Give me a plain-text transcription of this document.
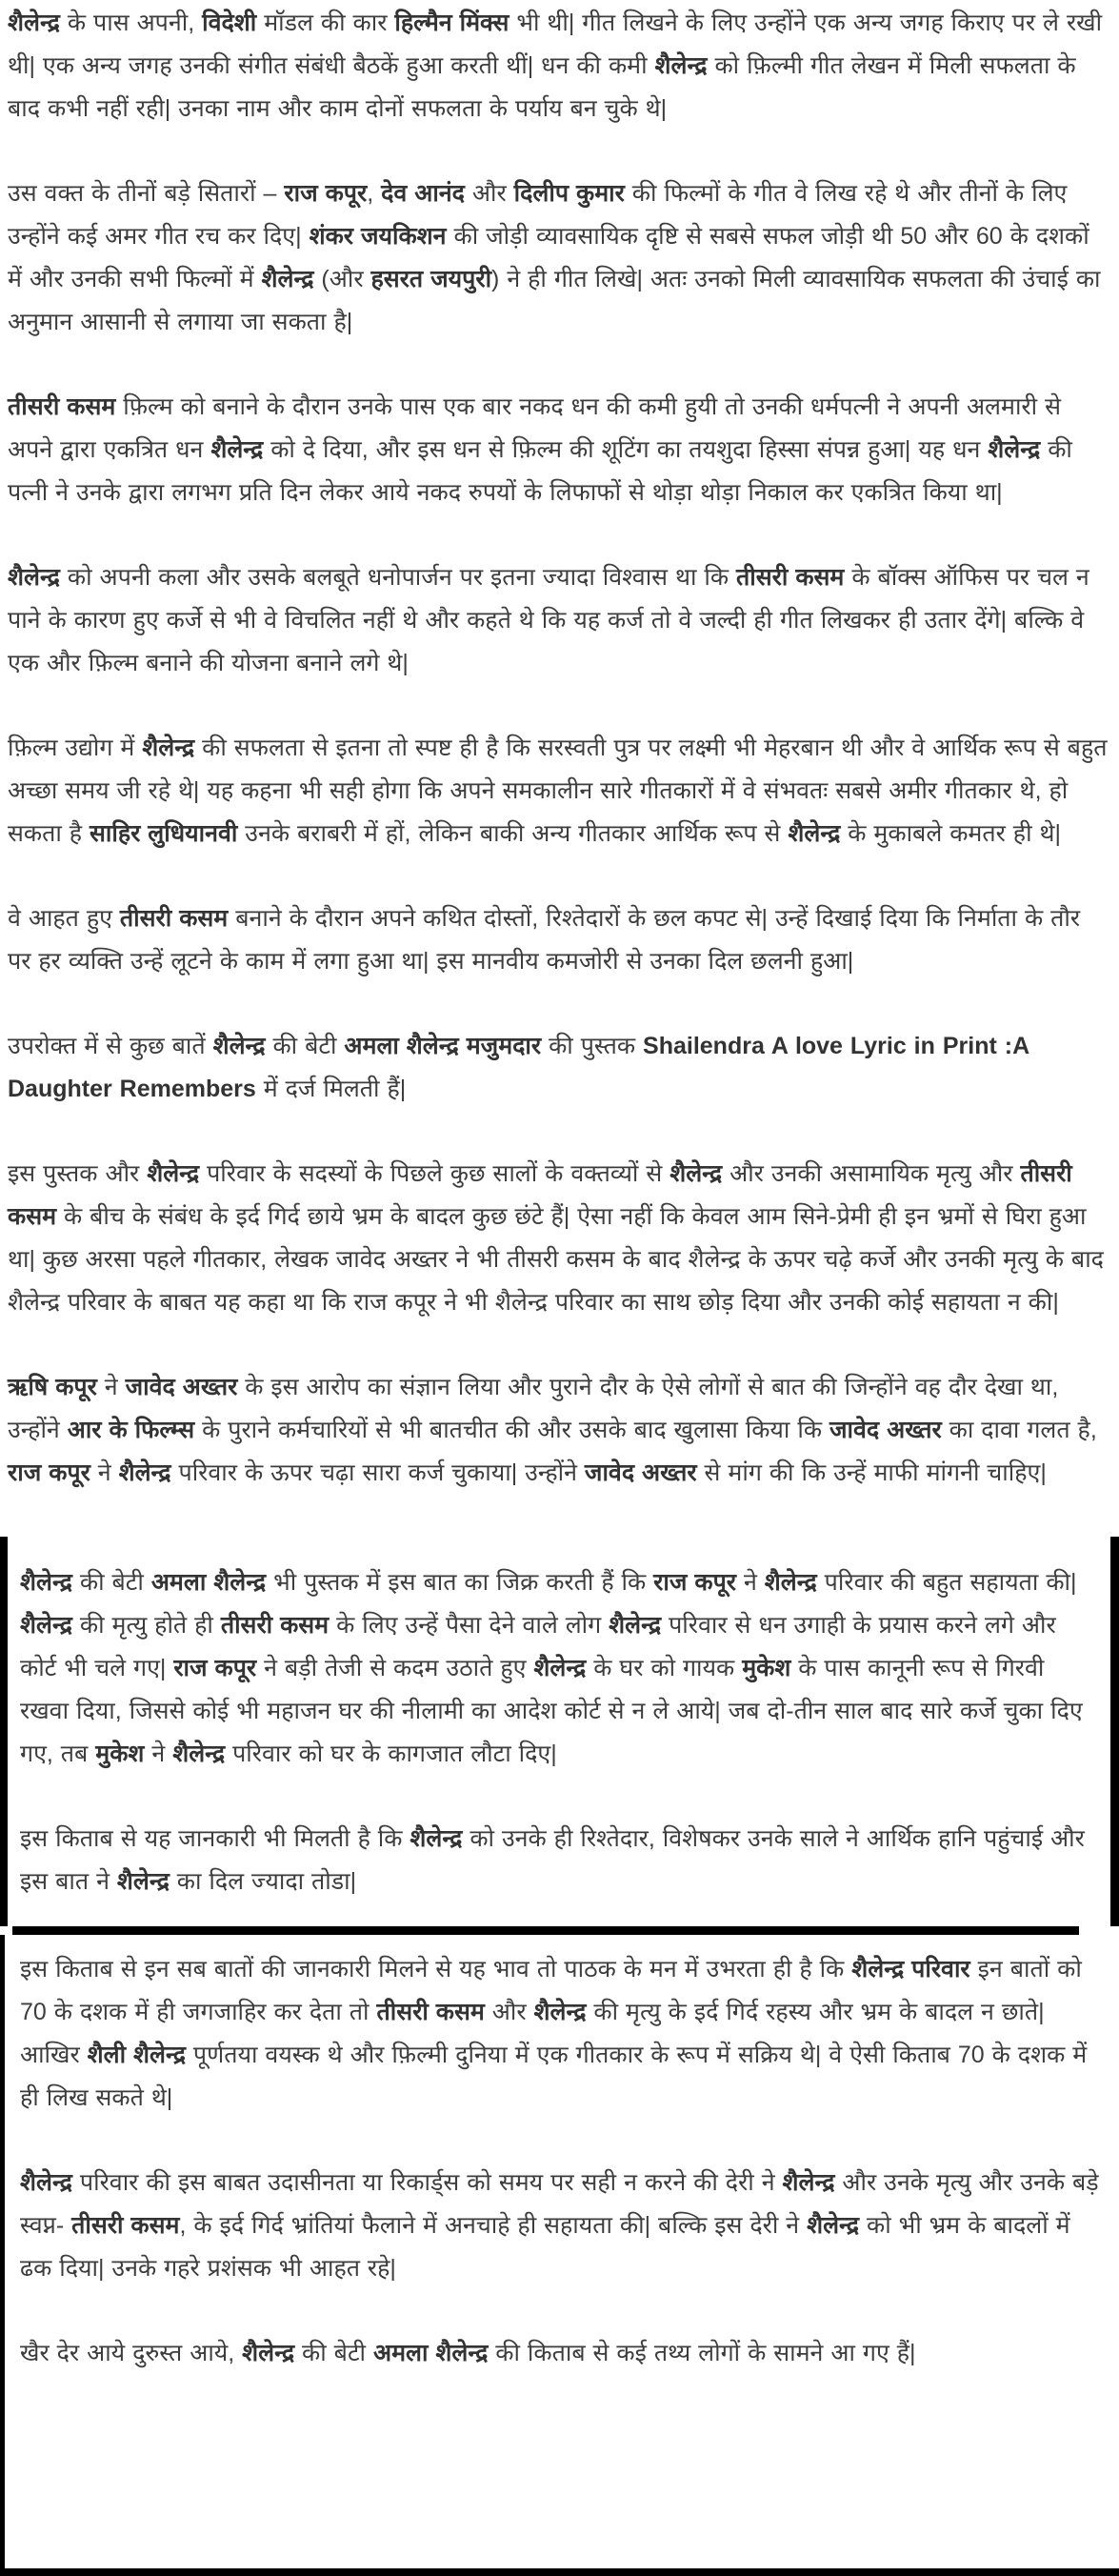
शैलेन्द्र के पास अपनी, विदेशी मॉडल की कार हिल्मैन मिंक्स भी थी| गीत लिखने के लिए उन्होंने एक अन्य जगह किराए पर ले रखी थी| एक अन्य जगह उनकी संगीत संबंधी बैठकें हुआ करती थीं| धन की कमी शैलेन्द्र को फ़िल्मी गीत लेखन में मिली सफलता के बाद कभी नहीं रही| उनका नाम और काम दोनों सफलता के पर्याय बन चुके थे|

उस वक्त के तीनों बड़े सितारों – राज कपूर, देव आनंद और दिलीप कुमार की फिल्मों के गीत वे लिख रहे थे और तीनों के लिए उन्होंने कई अमर गीत रच कर दिए| शंकर जयकिशन की जोड़ी व्यावसायिक दृष्टि से सबसे सफल जोड़ी थी 50 और 60 के दशकों में और उनकी सभी फिल्मों में शैलेन्द्र (और हसरत जयपुरी) ने ही गीत लिखे| अतः उनको मिली व्यावसायिक सफलता की उंचाई का अनुमान आसानी से लगाया जा सकता है|

तीसरी कसम फ़िल्म को बनाने के दौरान उनके पास एक बार नकद धन की कमी हुयी तो उनकी धर्मपत्नी ने अपनी अलमारी से अपने द्वारा एकत्रित धन शैलेन्द्र को दे दिया, और इस धन से फ़िल्म की शूटिंग का तयशुदा हिस्सा संपन्न हुआ| यह धन शैलेन्द्र की पत्नी ने उनके द्वारा लगभग प्रति दिन लेकर आये नकद रुपयों के लिफाफों से थोड़ा थोड़ा निकाल कर एकत्रित किया था|

शैलेन्द्र को अपनी कला और उसके बलबूते धनोपार्जन पर इतना ज्यादा विश्वास था कि तीसरी कसम के बॉक्स ऑफिस पर चल न पाने के कारण हुए कर्जे से भी वे विचलित नहीं थे और कहते थे कि यह कर्ज तो वे जल्दी ही गीत लिखकर ही उतार देंगे| बल्कि वे एक और फ़िल्म बनाने की योजना बनाने लगे थे|

फ़िल्म उद्योग में शैलेन्द्र की सफलता से इतना तो स्पष्ट ही है कि सरस्वती पुत्र पर लक्ष्मी भी मेहरबान थी और वे आर्थिक रूप से बहुत अच्छा समय जी रहे थे| यह कहना भी सही होगा कि अपने समकालीन सारे गीतकारों में वे संभवतः सबसे अमीर गीतकार थे, हो सकता है साहिर लुधियानवी उनके बराबरी में हों, लेकिन बाकी अन्य गीतकार आर्थिक रूप से शैलेन्द्र के मुकाबले कमतर ही थे|

वे आहत हुए तीसरी कसम बनाने के दौरान अपने कथित दोस्तों, रिश्तेदारों के छल कपट से| उन्हें दिखाई दिया कि निर्माता के तौर पर हर व्यक्ति उन्हें लूटने के काम में लगा हुआ था| इस मानवीय कमजोरी से उनका दिल छलनी हुआ|

उपरोक्त में से कुछ बातें शैलेन्द्र की बेटी अमला शैलेन्द्र मजुमदार की पुस्तक Shailendra A love Lyric in Print :A Daughter Remembers में दर्ज मिलती हैं|

इस पुस्तक और शैलेन्द्र परिवार के सदस्यों के पिछले कुछ सालों के वक्तव्यों से शैलेन्द्र और उनकी असामायिक मृत्यु और तीसरी कसम के बीच के संबंध के इर्द गिर्द छाये भ्रम के बादल कुछ छंटे हैं| ऐसा नहीं कि केवल आम सिने-प्रेमी ही इन भ्रमों से घिरा हुआ था| कुछ अरसा पहले गीतकार, लेखक जावेद अख्तर ने भी तीसरी कसम के बाद शैलेन्द्र के ऊपर चढ़े कर्जे और उनकी मृत्यु के बाद शैलेन्द्र परिवार के बाबत यह कहा था कि राज कपूर ने भी शैलेन्द्र परिवार का साथ छोड़ दिया और उनकी कोई सहायता न की|

ऋषि कपूर ने जावेद अख्तर के इस आरोप का संज्ञान लिया और पुराने दौर के ऐसे लोगों से बात की जिन्होंने वह दौर देखा था, उन्होंने आर के फिल्म्स के पुराने कर्मचारियों से भी बातचीत की और उसके बाद खुलासा किया कि जावेद अख्तर का दावा गलत है, राज कपूर ने शैलेन्द्र परिवार के ऊपर चढ़ा सारा कर्ज चुकाया| उन्होंने जावेद अख्तर से मांग की कि उन्हें माफी मांगनी चाहिए|

शैलेन्द्र की बेटी अमला शैलेन्द्र भी पुस्तक में इस बात का जिक्र करती हैं कि राज कपूर ने शैलेन्द्र परिवार की बहुत सहायता की| शैलेन्द्र की मृत्यु होते ही तीसरी कसम के लिए उन्हें पैसा देने वाले लोग शैलेन्द्र परिवार से धन उगाही के प्रयास करने लगे और कोर्ट भी चले गए| राज कपूर ने बड़ी तेजी से कदम उठाते हुए शैलेन्द्र के घर को गायक मुकेश के पास कानूनी रूप से गिरवी रखवा दिया, जिससे कोई भी महाजन घर की नीलामी का आदेश कोर्ट से न ले आये| जब दो-तीन साल बाद सारे कर्जे चुका दिए गए, तब मुकेश ने शैलेन्द्र परिवार को घर के कागजात लौटा दिए|

इस किताब से यह जानकारी भी मिलती है कि शैलेन्द्र को उनके ही रिश्तेदार, विशेषकर उनके साले ने आर्थिक हानि पहुंचाई और इस बात ने शैलेन्द्र का दिल ज्यादा तोडा|

इस किताब से इन सब बातों की जानकारी मिलने से यह भाव तो पाठक के मन में उभरता ही है कि शैलेन्द्र परिवार इन बातों को 70 के दशक में ही जगजाहिर कर देता तो तीसरी कसम और शैलेन्द्र की मृत्यु के इर्द गिर्द रहस्य और भ्रम के बादल न छाते| आखिर शैली शैलेन्द्र पूर्णतया वयस्क थे और फ़िल्मी दुनिया में एक गीतकार के रूप में सक्रिय थे| वे ऐसी किताब 70 के दशक में ही लिख सकते थे|

शैलेन्द्र परिवार की इस बाबत उदासीनता या रिकार्ड्स को समय पर सही न करने की देरी ने शैलेन्द्र और उनके मृत्यु और उनके बड़े स्वप्न- तीसरी कसम, के इर्द गिर्द भ्रांतियां फैलाने में अनचाहे ही सहायता की| बल्कि इस देरी ने शैलेन्द्र को भी भ्रम के बादलों में ढक दिया| उनके गहरे प्रशंसक भी आहत रहे|

खैर देर आये दुरुस्त आये, शैलेन्द्र की बेटी अमला शैलेन्द्र की किताब से कई तथ्य लोगों के सामने आ गए हैं|
